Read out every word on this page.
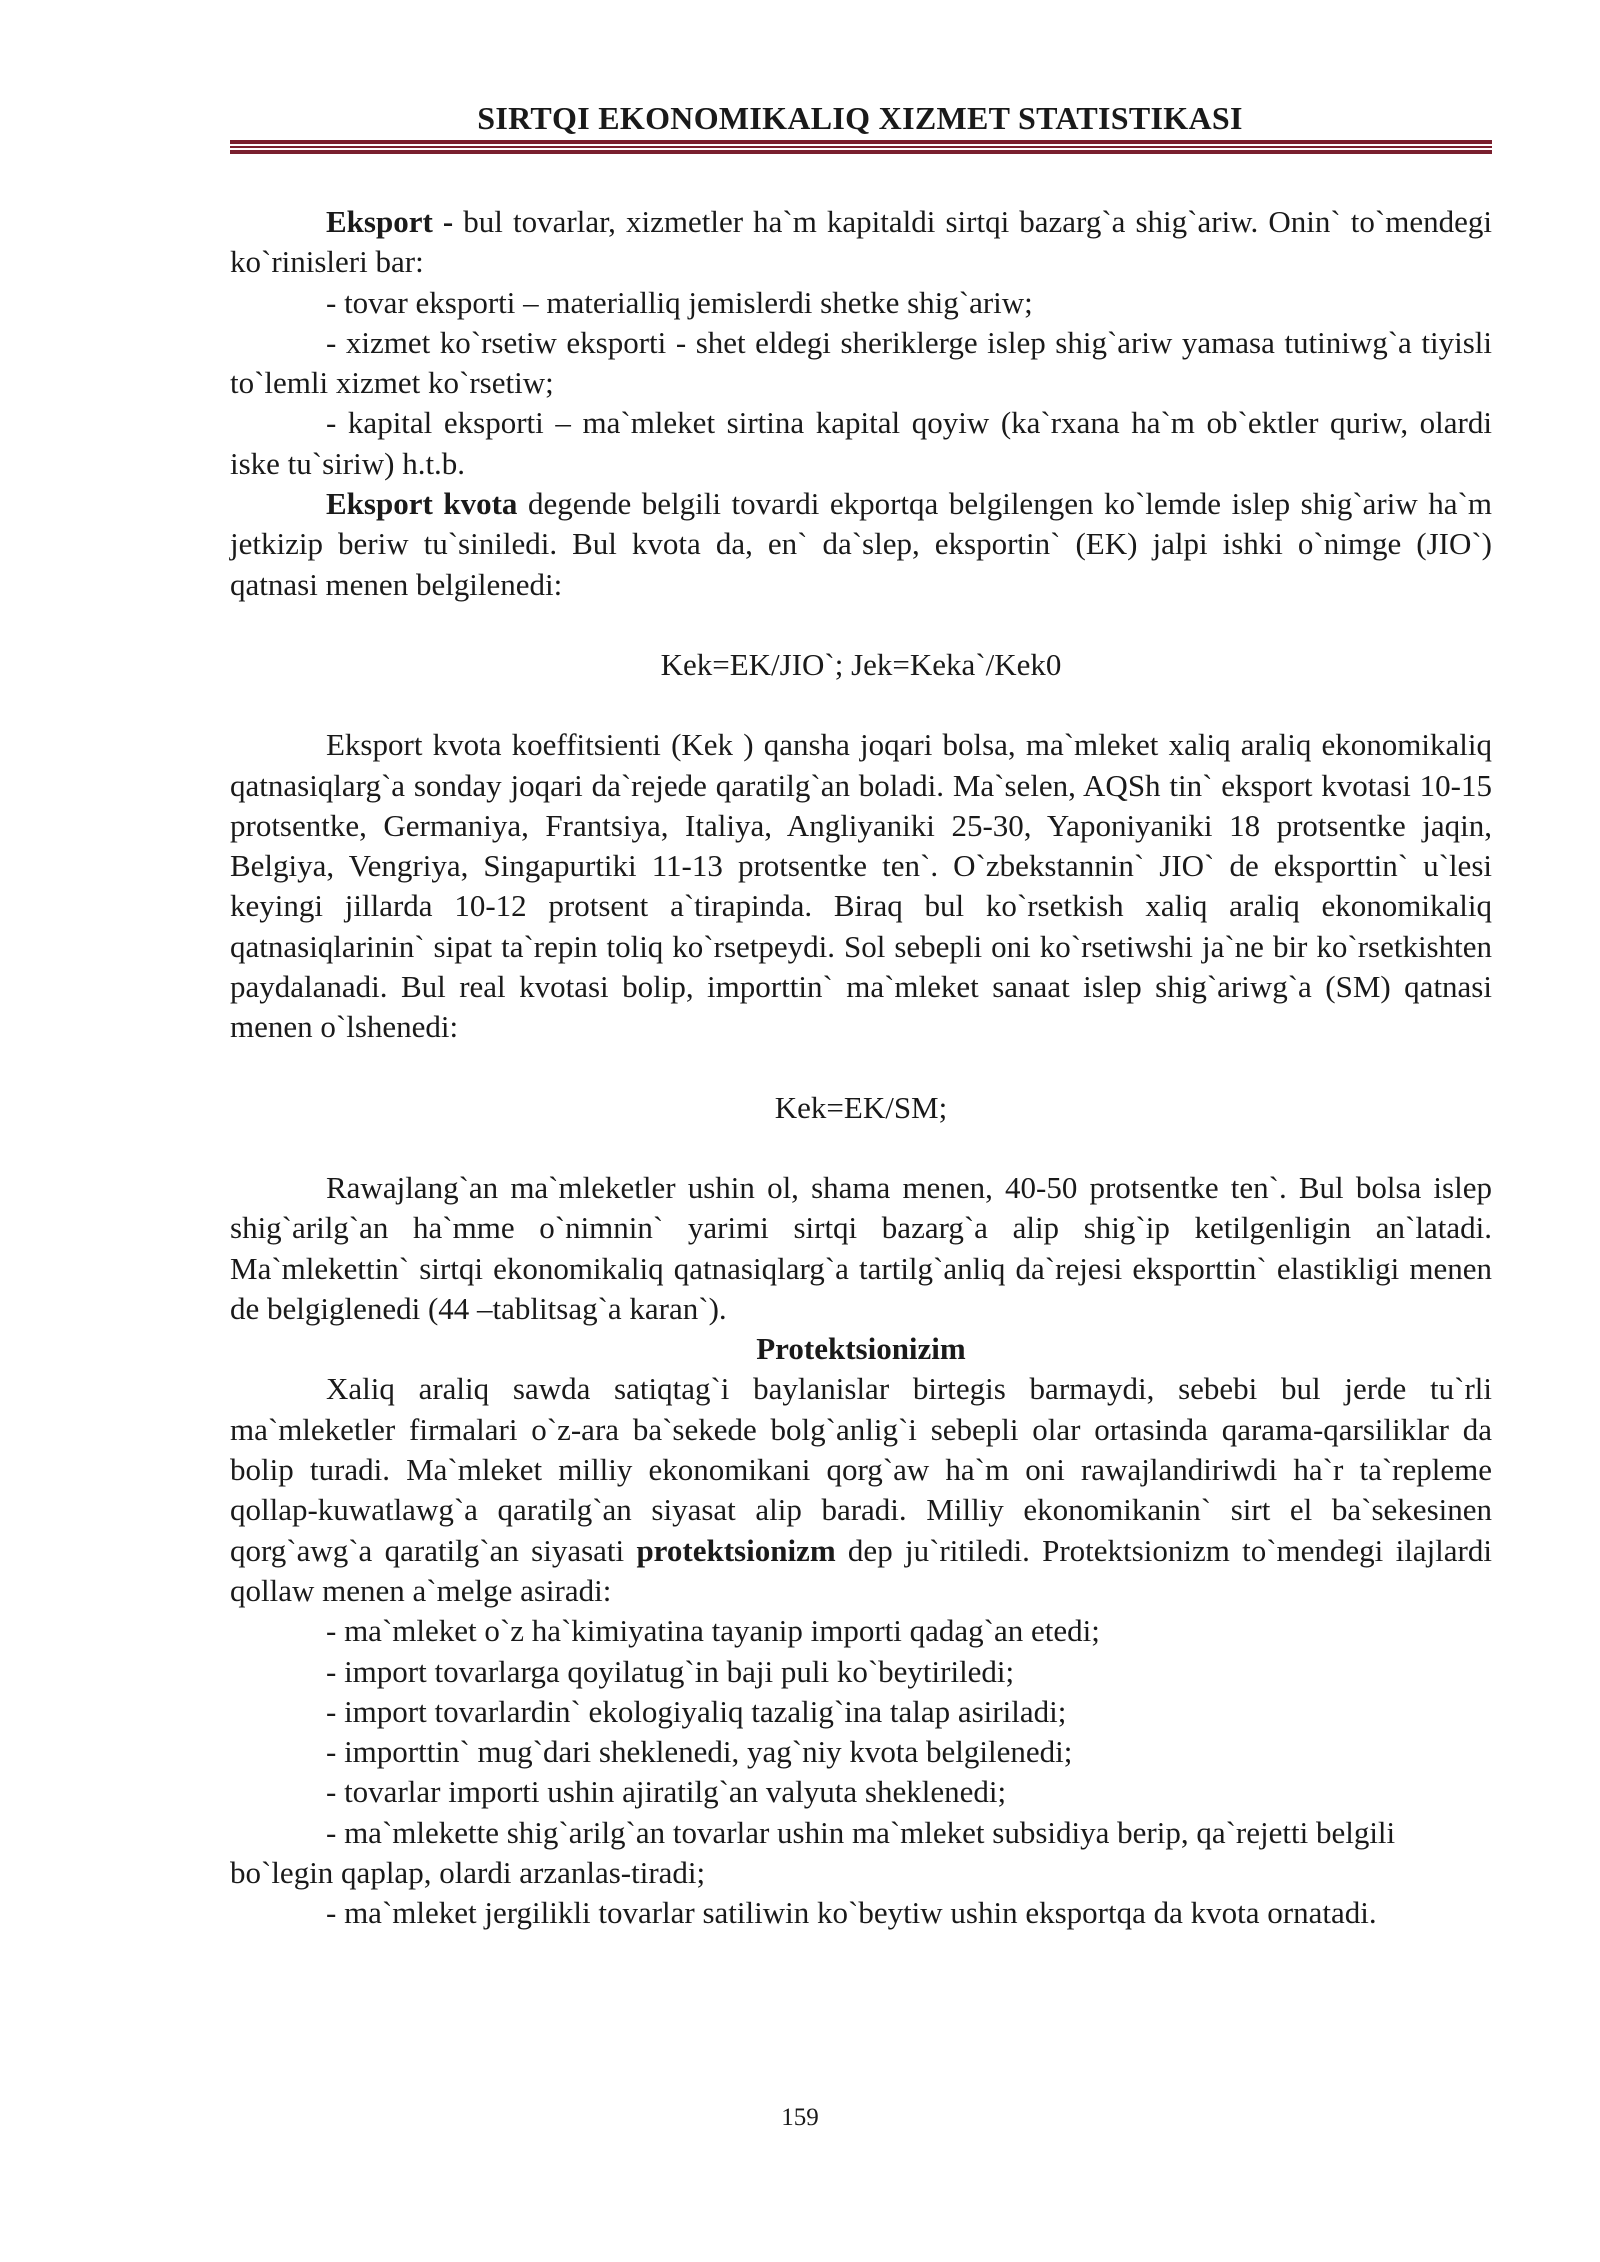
SIRTQI EKONOMIKALIQ XIZMET STATISTIKASI

Eksport - bul tovarlar, xizmetler ha`m kapitaldi sirtqi bazarg`a shig`ariw. Onin` to`mendegi ko`rinisleri bar:

- tovar eksporti – materialliq jemislerdi shetke shig`ariw;

- xizmet ko`rsetiw eksporti - shet eldegi sheriklerge islep shig`ariw yamasa tutiniwg`a tiyisli to`lemli xizmet ko`rsetiw;

- kapital eksporti – ma`mleket sirtina kapital qoyiw (ka`rxana ha`m ob`ektler quriw, olardi iske tu`siriw) h.t.b.

Eksport kvota degende belgili tovardi ekportqa belgilengen ko`lemde islep shig`ariw ha`m jetkizip beriw tu`siniledi. Bul kvota da, en` da`slep, eksportin` (EK) jalpi ishki o`nimge (JIO`) qatnasi menen belgilenedi:

Kek=EK/JIO`; Jek=Keka`/Kek0

Eksport kvota koeffitsienti (Kek ) qansha joqari bolsa, ma`mleket xaliq araliq ekonomikaliq qatnasiqlarg`a sonday joqari da`rejede qaratilg`an boladi. Ma`selen, AQSh tin` eksport kvotasi 10-15 protsentke, Germaniya, Frantsiya, Italiya, Angliyaniki 25-30, Yaponiyaniki 18 protsentke jaqin, Belgiya, Vengriya, Singapurtiki 11-13 protsentke ten`. O`zbekstannin` JIO` de eksporttin` u`lesi keyingi jillarda 10-12 protsent a`tirapinda. Biraq bul ko`rsetkish xaliq araliq ekonomikaliq qatnasiqlarinin` sipat ta`repin toliq ko`rsetpeydi. Sol sebepli oni ko`rsetiwshi ja`ne bir ko`rsetkishten paydalanadi. Bul real kvotasi bolip, importtin` ma`mleket sanaat islep shig`ariwg`a (SM) qatnasi menen o`lshenedi:

Kek=EK/SM;

Rawajlang`an ma`mleketler ushin ol, shama menen, 40-50 protsentke ten`. Bul bolsa islep shig`arilg`an ha`mme o`nimnin` yarimi sirtqi bazarg`a alip shig`ip ketilgenligin an`latadi. Ma`mlekettin` sirtqi ekonomikaliq qatnasiqlarg`a tartilg`anliq da`rejesi eksporttin` elastikligi menen de belgiglenedi (44 –tablitsag`a karan`).

Protektsionizim

Xaliq araliq sawda satiqtag`i baylanislar birtegis barmaydi, sebebi bul jerde tu`rli ma`mleketler firmalari o`z-ara ba`sekede bolg`anlig`i sebepli olar ortasinda qarama-qarsiliklar da bolip turadi. Ma`mleket milliy ekonomikani qorg`aw ha`m oni rawajlandiriwdi ha`r ta`repleme qollap-kuwatlawg`a qaratilg`an siyasat alip baradi. Milliy ekonomikanin` sirt el ba`sekesinen qorg`awg`a qaratilg`an siyasati protektsionizm dep ju`ritiledi. Protektsionizm to`mendegi ilajlardi qollaw menen a`melge asiradi:

- ma`mleket o`z ha`kimiyatina tayanip importi qadag`an etedi;

- import tovarlarga qoyilatug`in baji puli ko`beytiriledi;

- import tovarlardin` ekologiyaliq tazalig`ina talap asiriladi;

- importtin` mug`dari sheklenedi, yag`niy kvota belgilenedi;

- tovarlar importi ushin ajiratilg`an valyuta sheklenedi;

- ma`mlekette shig`arilg`an tovarlar ushin ma`mleket subsidiya berip, qa`rejetti belgili bo`legin qaplap, olardi arzanlas-tiradi;

- ma`mleket jergilikli tovarlar satiliwin ko`beytiw ushin eksportqa da kvota ornatadi.

159
